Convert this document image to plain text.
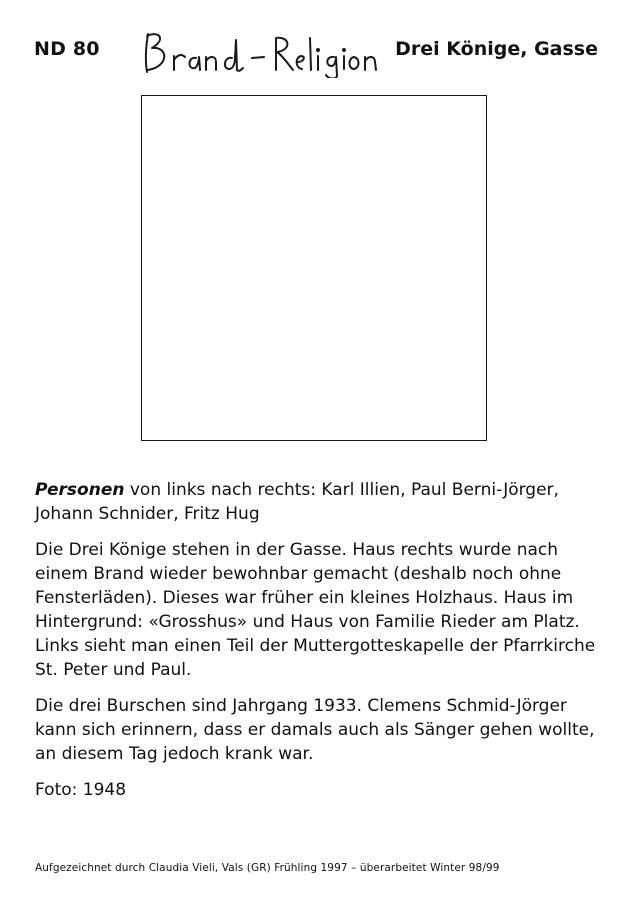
ND 80	Drei Könige, Gasse

Personen von links nach rechts: Karl Illien, Paul Berni-Jörger, Johann Schnider, Fritz Hug

Die Drei Könige stehen in der Gasse. Haus rechts wurde nach einem Brand wieder bewohnbar gemacht (deshalb noch ohne Fensterläden). Dieses war früher ein kleines Holzhaus. Haus im Hintergrund: «Grosshus» und Haus von Familie Rieder am Platz. Links sieht man einen Teil der Muttergotteskapelle der Pfarrkirche St. Peter und Paul.

Die drei Burschen sind Jahrgang 1933. Clemens Schmid-Jörger kann sich erinnern, dass er damals auch als Sänger gehen wollte, an diesem Tag jedoch krank war.

Foto: 1948

Aufgezeichnet durch Claudia Vieli, Vals (GR) Frühling 1997 – überarbeitet Winter 98/99
